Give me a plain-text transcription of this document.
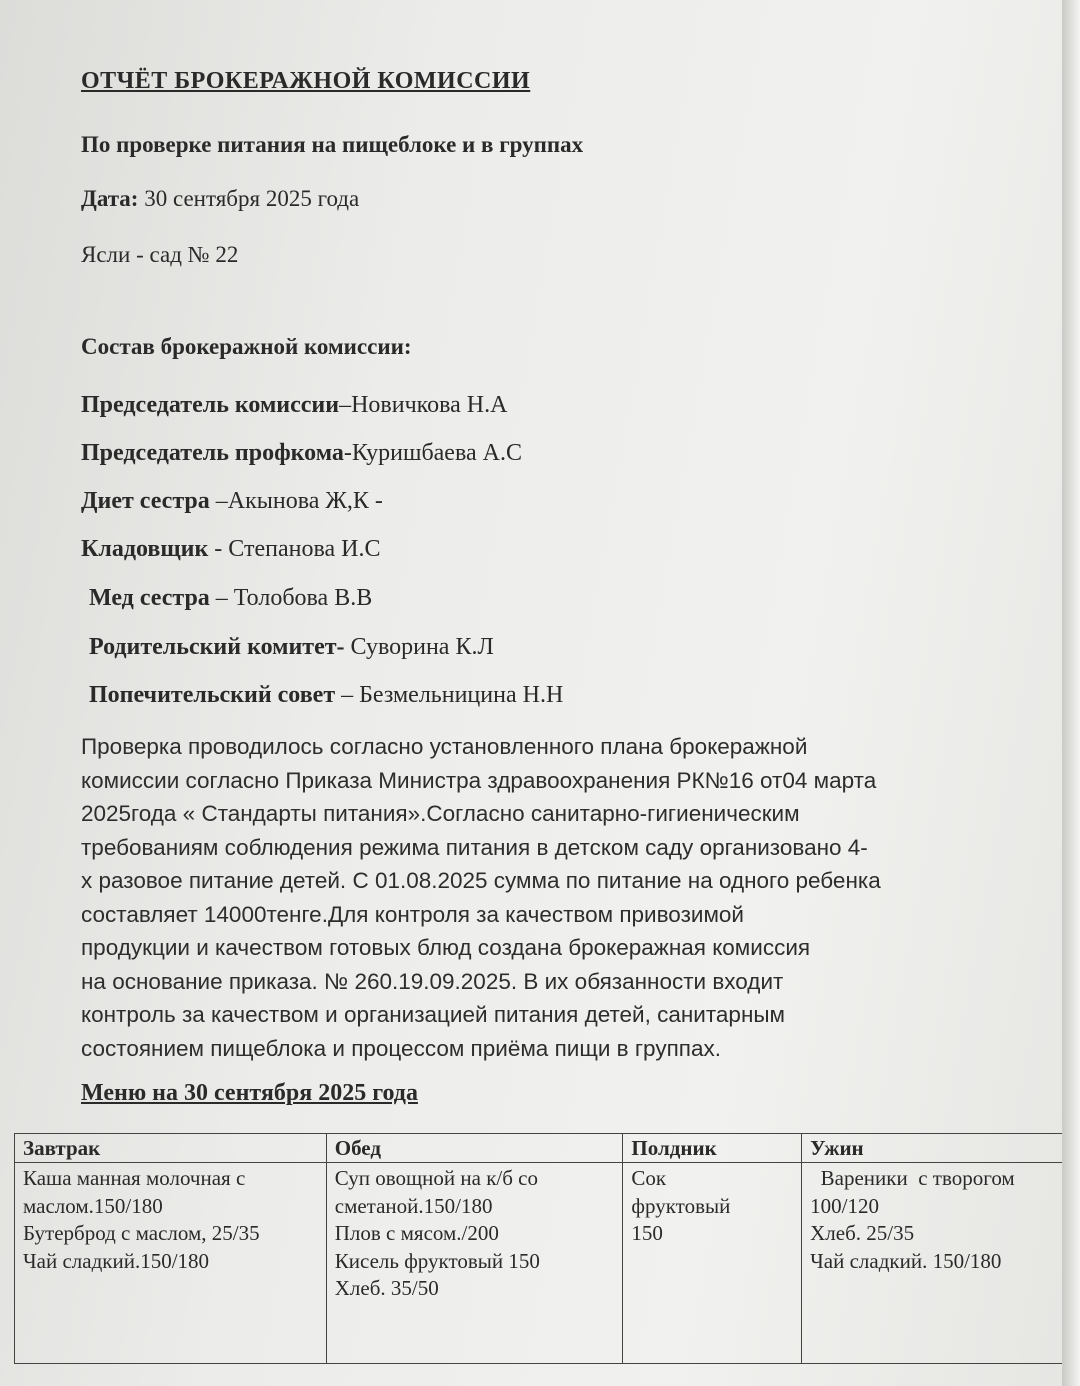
ОТЧЁТ БРОКЕРАЖНОЙ КОМИССИИ
По проверке питания на пищеблоке и в группах
Дата: 30 сентября 2025 года
Ясли - сад № 22
Состав брокеражной комиссии:
Председатель комиссии–Новичкова Н.А
Председатель профкома-Куришбаева А.С
Диет сестра –Акынова Ж,К -
Кладовщик - Степанова И.С
Мед сестра – Толобова В.В
Родительский комитет- Суворина К.Л
Попечительский совет – Безмельницина Н.Н
Проверка проводилось согласно установленного плана брокеражной
комиссии согласно Приказа Министра здравоохранения РК№16 от04 марта
2025года « Стандарты питания».Согласно санитарно-гигиеническим
требованиям соблюдения режима питания в детском саду организовано 4-
х разовое питание детей. С 01.08.2025 сумма по питание на одного ребенка
составляет 14000тенге.Для контроля за качеством привозимой
продукции и качеством готовых блюд создана брокеражная комиссия
на основание приказа. № 260.19.09.2025. В их обязанности входит
контроль за качеством и организацией питания детей, санитарным
состоянием пищеблока и процессом приёма пищи в группах.
Меню на 30 сентября 2025 года
Завтрак	Обед	Полдник	Ужин

Каша манная молочная с
маслом.150/180
Бутерброд с маслом, 25/35
Чай сладкий.150/180	Суп овощной на к/б со
сметаной.150/180
Плов с мясом./200
Кисель фруктовый 150
Хлеб. 35/50	Сок
фруктовый
150	Вареники  с творогом
100/120
Хлеб. 25/35
Чай сладкий. 150/180
